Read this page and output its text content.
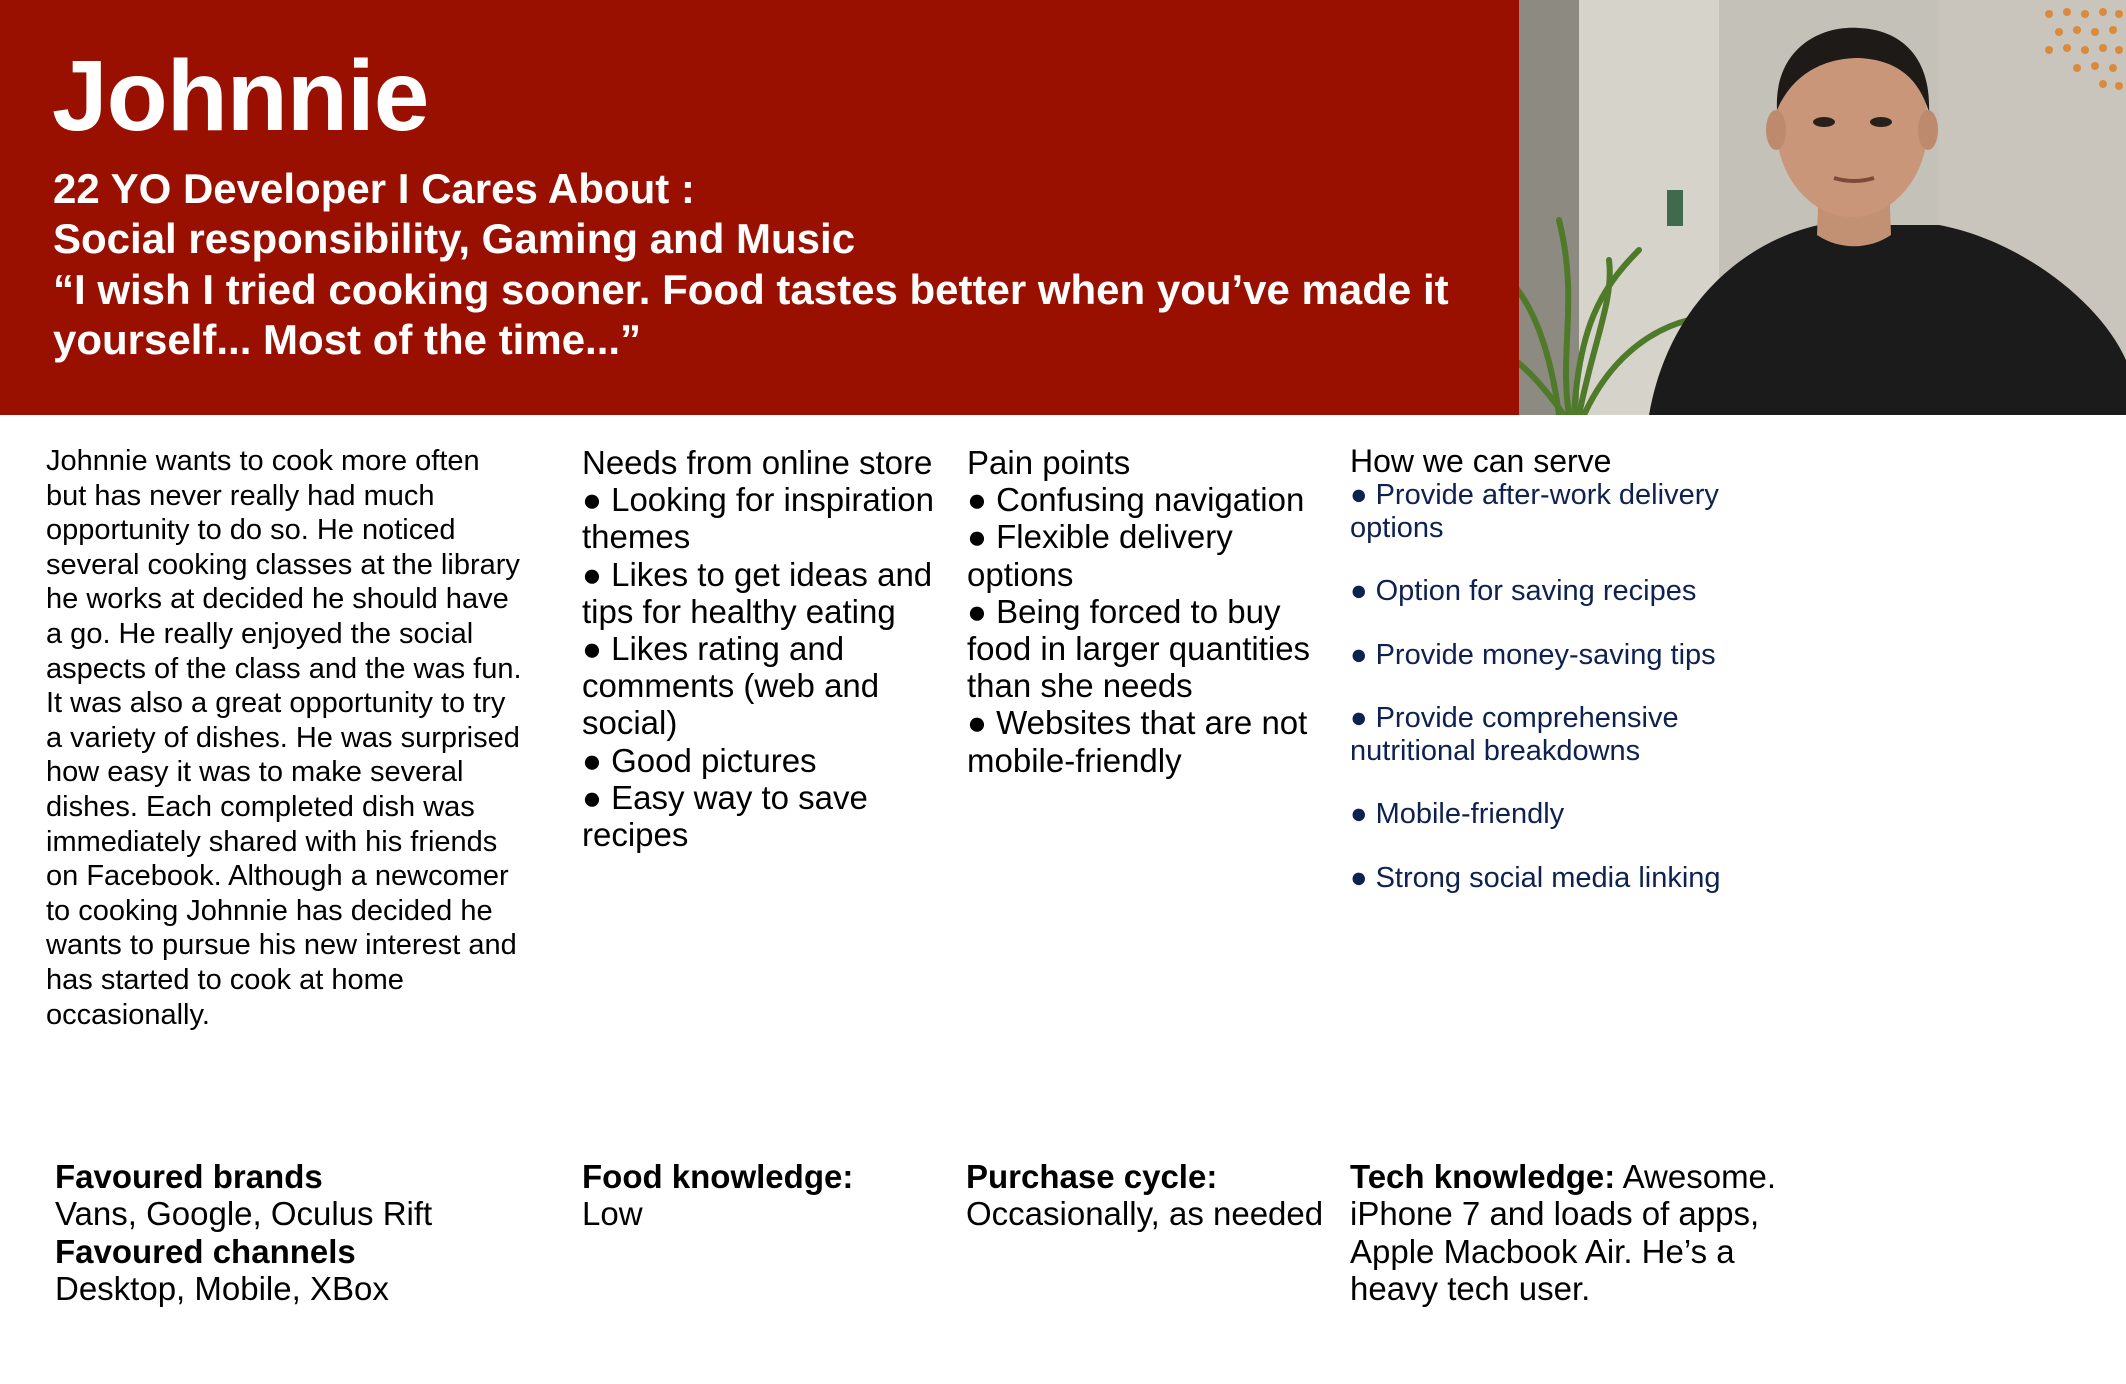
Johnnie
22 YO Developer I Cares About :
Social responsibility, Gaming and Music
“I wish I tried cooking sooner. Food tastes better when you’ve made it yourself... Most of the time...”
Johnnie wants to cook more often but has never really had much opportunity to do so. He noticed several cooking classes at the library he works at decided he should have a go. He really enjoyed the social aspects of the class and the was fun. It was also a great opportunity to try a variety of dishes. He was surprised how easy it was to make several dishes. Each completed dish was immediately shared with his friends on Facebook. Although a newcomer to cooking Johnnie has decided he wants to pursue his new interest and has started to cook at home occasionally.
Needs from online store
● Looking for inspiration themes
● Likes to get ideas and tips for healthy eating
● Likes rating and comments (web and social)
● Good pictures
● Easy way to save recipes
Pain points
● Confusing navigation
● Flexible delivery options
● Being forced to buy food in larger quantities than she needs
● Websites that are not mobile-friendly
How we can serve
● Provide after-work delivery options
● Option for saving recipes
● Provide money-saving tips
● Provide comprehensive nutritional breakdowns
● Mobile-friendly
● Strong social media linking
Favoured brands
Vans, Google, Oculus Rift
Favoured channels
Desktop, Mobile, XBox
Food knowledge:
Low
Purchase cycle:
Occasionally, as needed
Tech knowledge: Awesome. iPhone 7 and loads of apps, Apple Macbook Air. He’s a heavy tech user.
